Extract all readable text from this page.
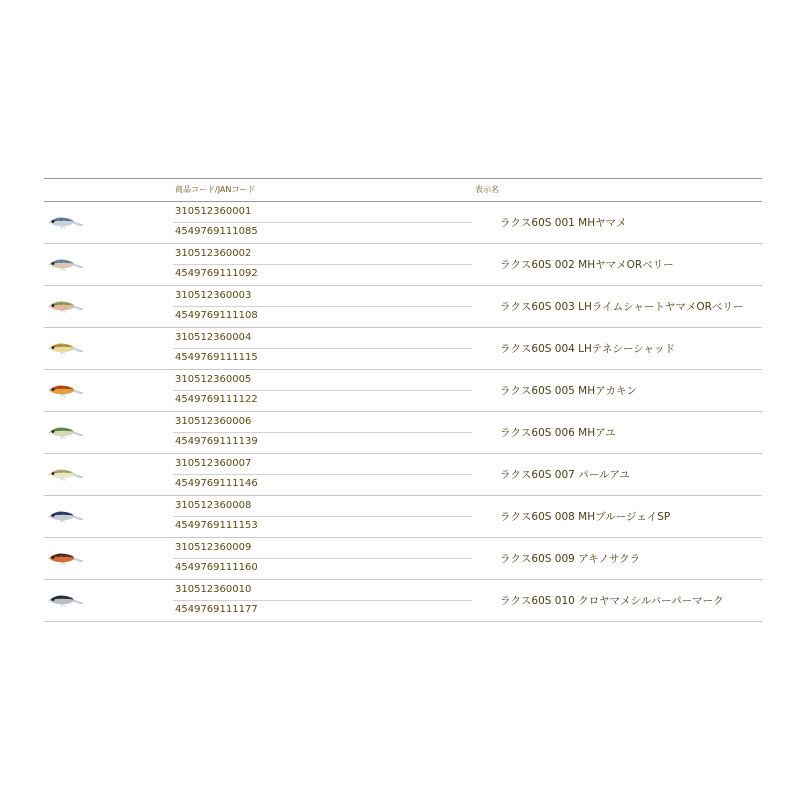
商品コード/JANコード	表示名
310512360001
4549769111085
ラクス60S 001 MHヤマメ
310512360002
4549769111092
ラクス60S 002 MHヤマメORベリー
310512360003
4549769111108
ラクス60S 003 LHライムシャートヤマメORベリー
310512360004
4549769111115
ラクス60S 004 LHテネシーシャッド
310512360005
4549769111122
ラクス60S 005 MHアカキン
310512360006
4549769111139
ラクス60S 006 MHアユ
310512360007
4549769111146
ラクス60S 007 パールアユ
310512360008
4549769111153
ラクス60S 008 MHブルージェイSP
310512360009
4549769111160
ラクス60S 009 アキノサクラ
310512360010
4549769111177
ラクス60S 010 クロヤマメシルバーパーマーク
